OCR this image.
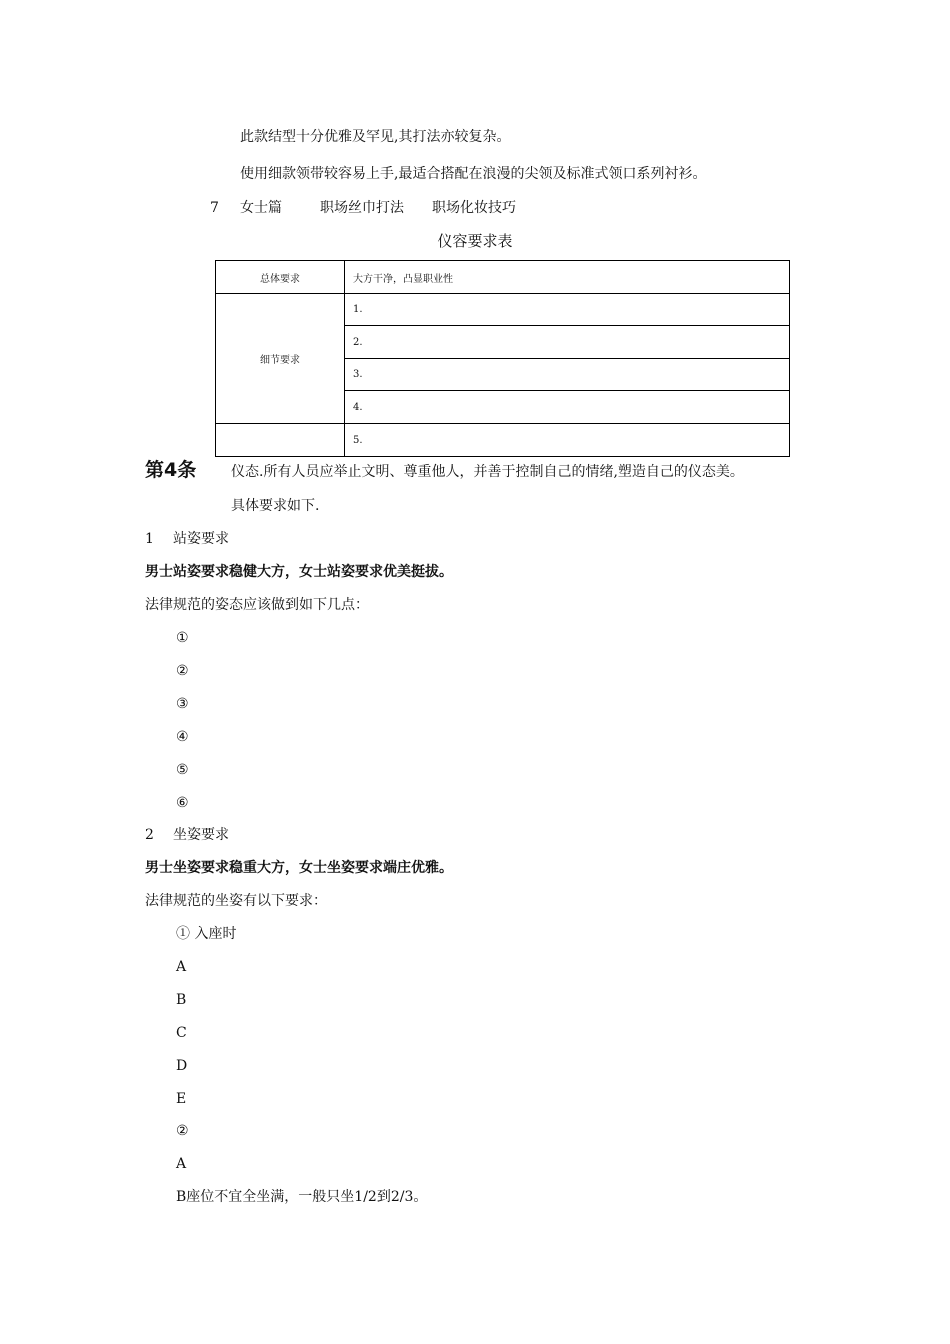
此款结型十分优雅及罕见,其打法亦较复杂。
使用细款领带较容易上手,最适合搭配在浪漫的尖领及标准式领口系列衬衫。
7 女士篇	职场丝巾打法 职场化妆技巧
仪容要求表
总体要求	大方干净，凸显职业性
细节要求	1.
	2.
	3.
	4.
	5.
第4条 仪态.所有人员应举止文明、尊重他人，并善于控制自己的情绪,塑造自己的仪态美。
具体要求如下.
1 站姿要求
男士站姿要求稳健大方，女士站姿要求优美挺拔。
法律规范的姿态应该做到如下几点：
①
②
③
④
⑤
⑥
2 坐姿要求
男士坐姿要求稳重大方，女士坐姿要求端庄优雅。
法律规范的坐姿有以下要求：
① 入座时
A
B
C
D
E
②
A
B座位不宜全坐满，一般只坐1/2到2/3。
